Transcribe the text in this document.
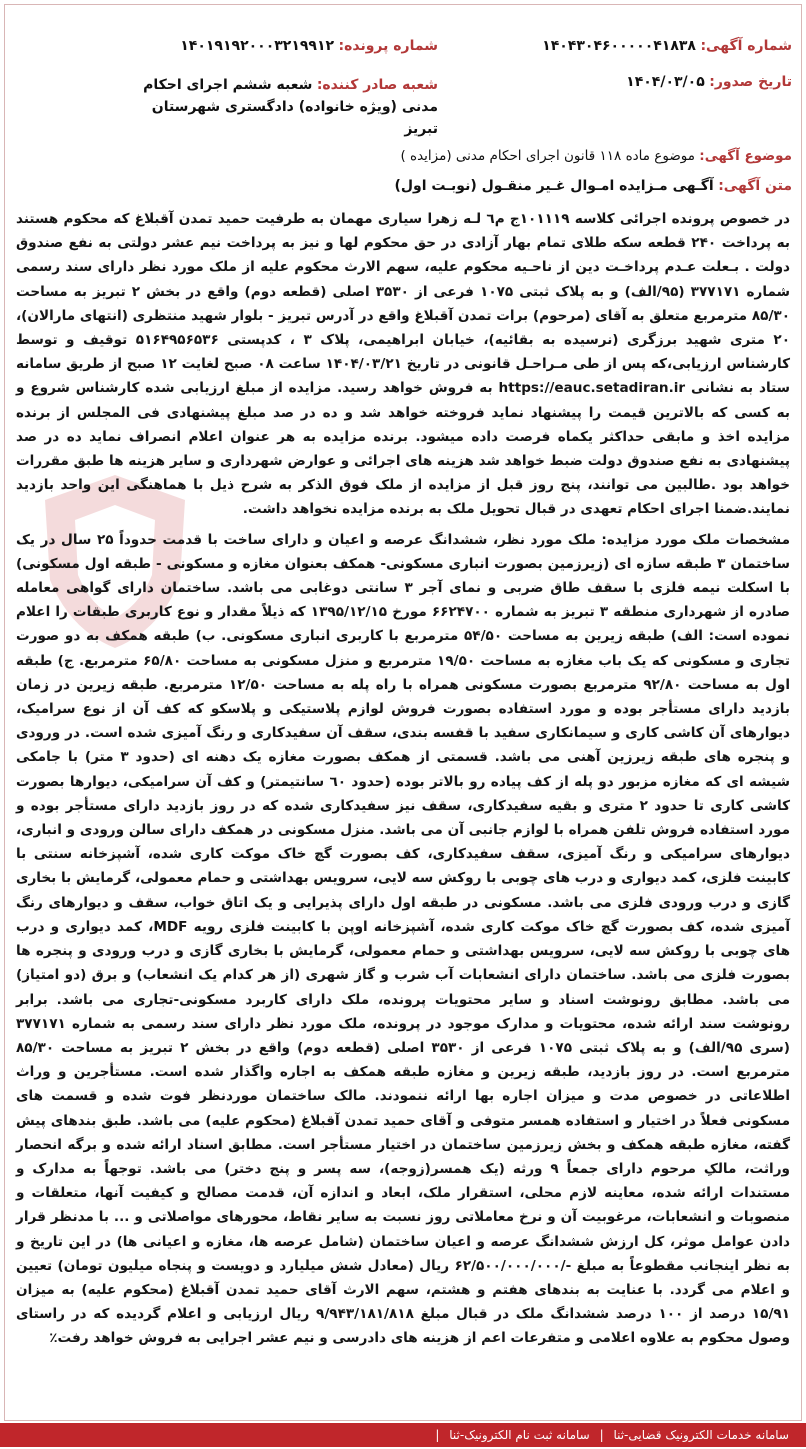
شماره آگهی: ۱۴۰۴۳۰۴۶۰۰۰۰۰۴۱۸۳۸
تاریخ صدور: ۱۴۰۴/۰۳/۰۵
شماره پرونده: ۱۴۰۱۹۱۹۲۰۰۰۳۲۱۹۹۱۲
شعبه صادر کننده: شعبه ششم اجرای احکام مدنی (ویژه خانواده) دادگستری شهرستان تبریز
موضوع آگهی: موضوع ماده ۱۱۸ قانون اجرای احکام مدنی (مزایده )
متن آگهی: آگـهی مـزایده امـوال غـیر منقـول (نوبـت اول)

در خصوص پرونده اجرائی کلاسه ۱۰۱۱۱۹ج م٦ لـه زهرا سیاری مهمان به طرفیت حمید تمدن آقبلاغ که محکوم هستند به پرداخت ۲۴۰ قطعه سکه طلای تمام بهار آزادی در حق محکوم لها و نیز به پرداخت نیم عشر دولتی به نفع صندوق دولت . بـعلت عـدم پرداخـت دین از ناحـیه محکوم علیه، سهم الارث محکوم علیه از ملک مورد نظر دارای سند رسمی شماره ۳۷۷۱۷۱ (۹۵/الف) و به پلاک ثبتی ۱۰۷۵ فرعی از ۳۵۳۰ اصلی (قطعه دوم) واقع در بخش ۲ تبریز به مساحت ۸۵/۳۰ مترمربع متعلق به آقای (مرحوم) برات تمدن آقبلاغ واقع در آدرس تبریز - بلوار شهید منتظری (انتهای مارالان)، ۲۰ متری شهید برزگری (نرسیده به بقائیه)، خیابان ابراهیمی، پلاک ۳ ، کدپستی ۵۱۶۴۹۵۶۵۳۶ توقیف و توسط کارشناس ارزیابی،که پس از طی مـراحـل قانونی در تاریخ ۱۴۰۴/۰۳/۲۱ ساعت ۰۸ صبح لغایت ۱۲ صبح از طریق سامانه ستاد به نشانی https://eauc.setadiran.ir به فروش خواهد رسید. مزایده از مبلغ ارزیابی شده کارشناس شروع و به کسی که بالاترین قیمت را پیشنهاد نماید فروخته خواهد شد و ده در صد مبلغ پیشنهادی فی المجلس از برنده مزایده اخذ و مابقی حداکثر یکماه فرصت داده میشود. برنده مزایده به هر عنوان اعلام انصراف نماید ده در صد پیشنهادی به نفع صندوق دولت ضبط خواهد شد هزینه های اجرائی و عوارض شهرداری و سایر هزینه ها طبق مقررات خواهد بود .طالبین می توانند، پنج روز قبل از مزایده از ملک فوق الذکر به شرح ذیل با هماهنگی این واحد بازدید نمایند.ضمنا اجرای احکام تعهدی در قبال تحویل ملک به برنده مزایده نخواهد داشت.

مشخصات ملک مورد مزایده: ملک مورد نظر، ششدانگ عرصه و اعیان و دارای ساخت با قدمت حدوداً ۲۵ سال در یک ساختمان ۳ طبقه سازه ای (زیرزمین بصورت انباری مسکونی- همکف بعنوان مغازه و مسکونی - طبقه اول مسکونی) با اسکلت نیمه فلزی با سقف طاق ضربی و نمای آجر ۳ سانتی دوغابی می باشد. ساختمان دارای گواهی معامله صادره از شهرداری منطقه ۳ تبریز به شماره ۶۶۲۴۷۰۰ مورخ ۱۳۹۵/۱۲/۱۵ که ذیلاً مقدار و نوع کاربری طبقات را اعلام نموده است: الف) طبقه زیرین به مساحت ۵۴/۵۰ مترمربع با کاربری انباری مسکونی. ب) طبقه همکف به دو صورت تجاری و مسکونی که یک باب مغازه به مساحت ۱۹/۵۰ مترمربع و منزل مسکونی به مساحت ۶۵/۸۰ مترمربع. ج) طبقه اول به مساحت ۹۲/۸۰ مترمربع بصورت مسکونی همراه با راه پله به مساحت ۱۲/۵۰ مترمربع. طبقه زیرین در زمان بازدید دارای مستأجر بوده و مورد استفاده بصورت فروش لوازم پلاستیکی و پلاسکو که کف آن از نوع سرامیک، دیوارهای آن کاشی کاری و سیمانکاری سفید با قفسه بندی، سقف آن سفیدکاری و رنگ آمیزی شده است. در ورودی و پنجره های طبقه زیرزین آهنی می باشد. قسمتی از همکف بصورت مغازه یک دهنه ای (حدود ۳ متر) با جامکی شیشه ای که مغازه مزبور دو پله از کف پیاده رو بالاتر بوده (حدود ٦٠ سانتیمتر) و کف آن سرامیکی، دیوارها بصورت کاشی کاری تا حدود ۲ متری و بقیه سفیدکاری، سقف نیز سفیدکاری شده که در روز بازدید دارای مستأجر بوده و مورد استفاده فروش تلفن همراه با لوازم جانبی آن می باشد. منزل مسکونی در همکف دارای سالن ورودی و انباری، دیوارهای سرامیکی و رنگ آمیزی، سقف سفیدکاری، کف بصورت گچ خاک موکت کاری شده، آشپزخانه سنتی با کابینت فلزی، کمد دیواری و درب های چوبی با روکش سه لایی، سرویس بهداشتی و حمام معمولی، گرمایش با بخاری گازی و درب ورودی فلزی می باشد. مسکونی در طبقه اول دارای پذیرایی و یک اتاق خواب، سقف و دیوارهای رنگ آمیزی شده، کف بصورت گچ خاک موکت کاری شده، آشپزخانه اوپن با کابینت فلزی رویه MDF، کمد دیواری و درب های چوبی با روکش سه لایی، سرویس بهداشتی و حمام معمولی، گرمایش با بخاری گازی و درب ورودی و پنجره ها بصورت فلزی می باشد. ساختمان دارای انشعابات آب شرب و گاز شهری (از هر کدام یک انشعاب) و برق (دو امتیاز) می باشد. مطابق رونوشت اسناد و سایر محتویات پرونده، ملک دارای کاربرد مسکونی-تجاری می باشد. برابر رونوشت سند ارائه شده، محتویات و مدارک موجود در پرونده، ملک مورد نظر دارای سند رسمی به شماره ۳۷۷۱۷۱ (سری ۹۵/الف) و به پلاک ثبتی ۱۰۷۵ فرعی از ۳۵۳۰ اصلی (قطعه دوم) واقع در بخش ۲ تبریز به مساحت ۸۵/۳۰ مترمربع است. در روز بازدید، طبقه زیرین و مغازه طبقه همکف به اجاره واگذار شده است. مستأجرین و وراث اطلاعاتی در خصوص مدت و میزان اجاره بها ارائه ننمودند. مالک ساختمان موردنظر فوت شده و قسمت های مسکونی فعلاً در اختیار و استفاده همسر متوفی و آقای حمید تمدن آقبلاغ (محکوم علیه) می باشد. طبق بندهای پیش گفته، مغازه طبقه همکف و بخش زیرزمین ساختمان در اختیار مستأجر است. مطابق اسناد ارائه شده و برگه انحصار وراثت، مالکِ مرحوم دارای جمعاً ۹ ورثه (یک همسر(زوجه)، سه پسر و پنج دختر) می باشد. توجهاً به مدارک و مستندات ارائه شده، معاینه لازم محلی، استقرار ملک، ابعاد و اندازه آن، قدمت مصالح و کیفیت آنها، متعلقات و منصوبات و انشعابات، مرغوبیت آن و نرخ معاملاتی روز نسبت به سایر نقاط، محورهای مواصلاتی و ... با مدنظر قرار دادن عوامل موثر، کل ارزش ششدانگ عرصه و اعیان ساختمان (شامل عرصه ها، مغازه و اعیانی ها) در این تاریخ و به نظر اینجانب مقطوعاً به مبلغ -/۶۲/۵۰۰/۰۰۰/۰۰۰ ریال (معادل شش میلیارد و دویست و پنجاه میلیون تومان) تعیین و اعلام می گردد. با عنایت به بندهای هفتم و هشتم، سهم الارث آقای حمید تمدن آقبلاغ (محکوم علیه) به میزان ۱۵/۹۱ درصد از ۱۰۰ درصد ششدانگ ملک در قبال مبلغ ۹/۹۴۳/۱۸۱/۸۱۸ ریال ارزیابی و اعلام گردیده که در راستای وصول محکوم به علاوه اعلامی و متفرعات اعم از هزینه های دادرسی و نیم عشر اجرایی به فروش خواهد رفت٪

سامانه خدمات الکترونیک قضایی-ثنا | سامانه ثبت نام الکترونیک-ثنا |
